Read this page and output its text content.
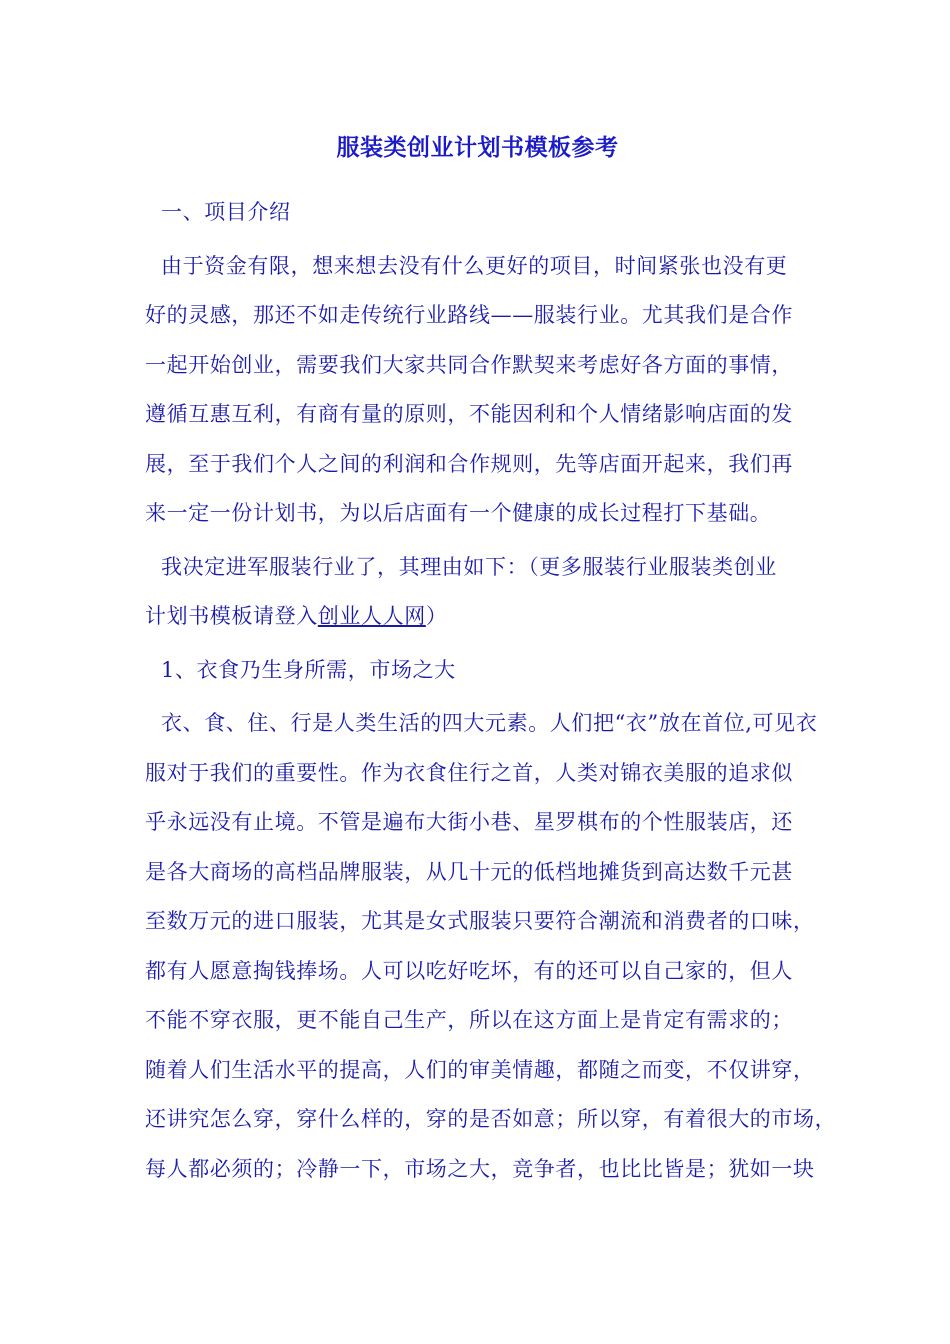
服装类创业计划书模板参考
一、项目介绍
由于资金有限，想来想去没有什么更好的项目，时间紧张也没有更
好的灵感，那还不如走传统行业路线——服装行业。尤其我们是合作
一起开始创业，需要我们大家共同合作默契来考虑好各方面的事情，
遵循互惠互利，有商有量的原则，不能因利和个人情绪影响店面的发
展，至于我们个人之间的利润和合作规则，先等店面开起来，我们再
来一定一份计划书，为以后店面有一个健康的成长过程打下基础。
我决定进军服装行业了，其理由如下：（更多服装行业服装类创业
计划书模板请登入创业人人网）
1、衣食乃生身所需，市场之大
衣、食、住、行是人类生活的四大元素。人们把“衣”放在首位,可见衣
服对于我们的重要性。作为衣食住行之首，人类对锦衣美服的追求似
乎永远没有止境。不管是遍布大街小巷、星罗棋布的个性服装店，还
是各大商场的高档品牌服装，从几十元的低档地摊货到高达数千元甚
至数万元的进口服装，尤其是女式服装只要符合潮流和消费者的口味，
都有人愿意掏钱捧场。人可以吃好吃坏，有的还可以自己家的，但人
不能不穿衣服，更不能自己生产，所以在这方面上是肯定有需求的；
随着人们生活水平的提高，人们的审美情趣，都随之而变，不仅讲穿，
还讲究怎么穿，穿什么样的，穿的是否如意；所以穿，有着很大的市场，
每人都必须的；冷静一下，市场之大，竞争者，也比比皆是；犹如一块
